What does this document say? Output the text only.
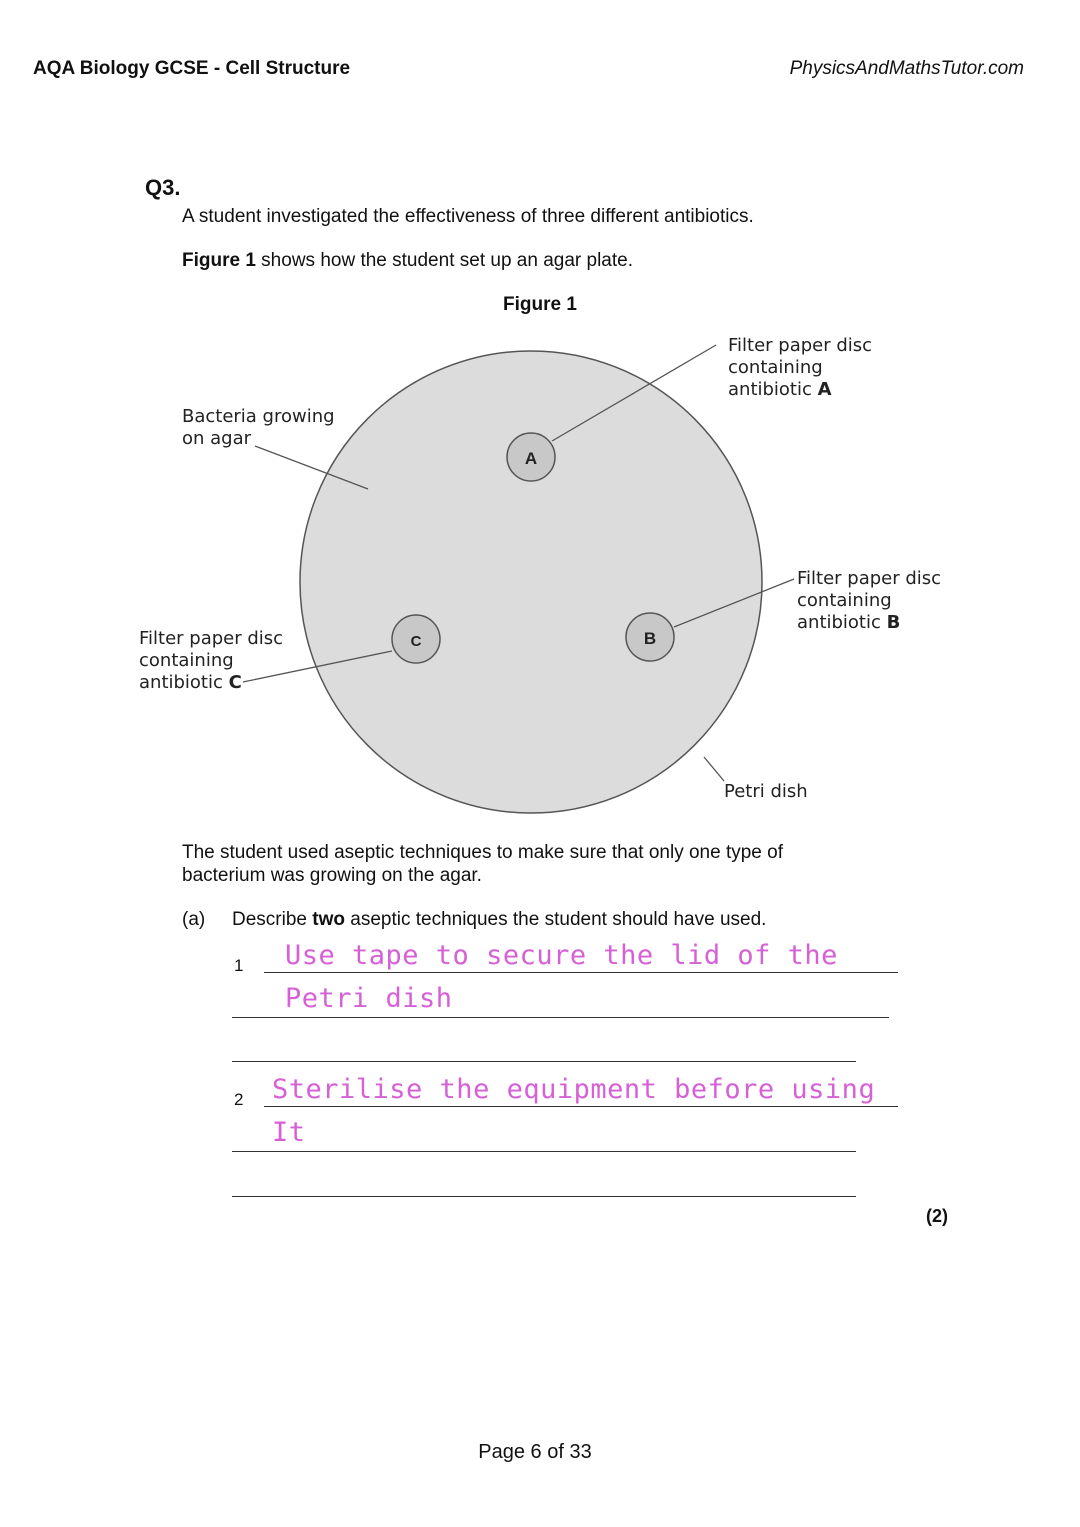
AQA Biology GCSE - Cell Structure	PhysicsAndMathsTutor.com
Q3.
A student investigated the effectiveness of three different antibiotics.
Figure 1 shows how the student set up an agar plate.
Figure 1
A
B
C
Bacteria growing
on agar
Filter paper disc
containing
antibiotic A
Filter paper disc
containing
antibiotic B
Filter paper disc
containing
antibiotic C
Petri dish
The student used aseptic techniques to make sure that only one type of
bacterium was growing on the agar.
(a) Describe two aseptic techniques the student should have used.
1 Use tape to secure the lid of the
Petri dish
2 Sterilise the equipment before using
It
(2)
Page 6 of 33
